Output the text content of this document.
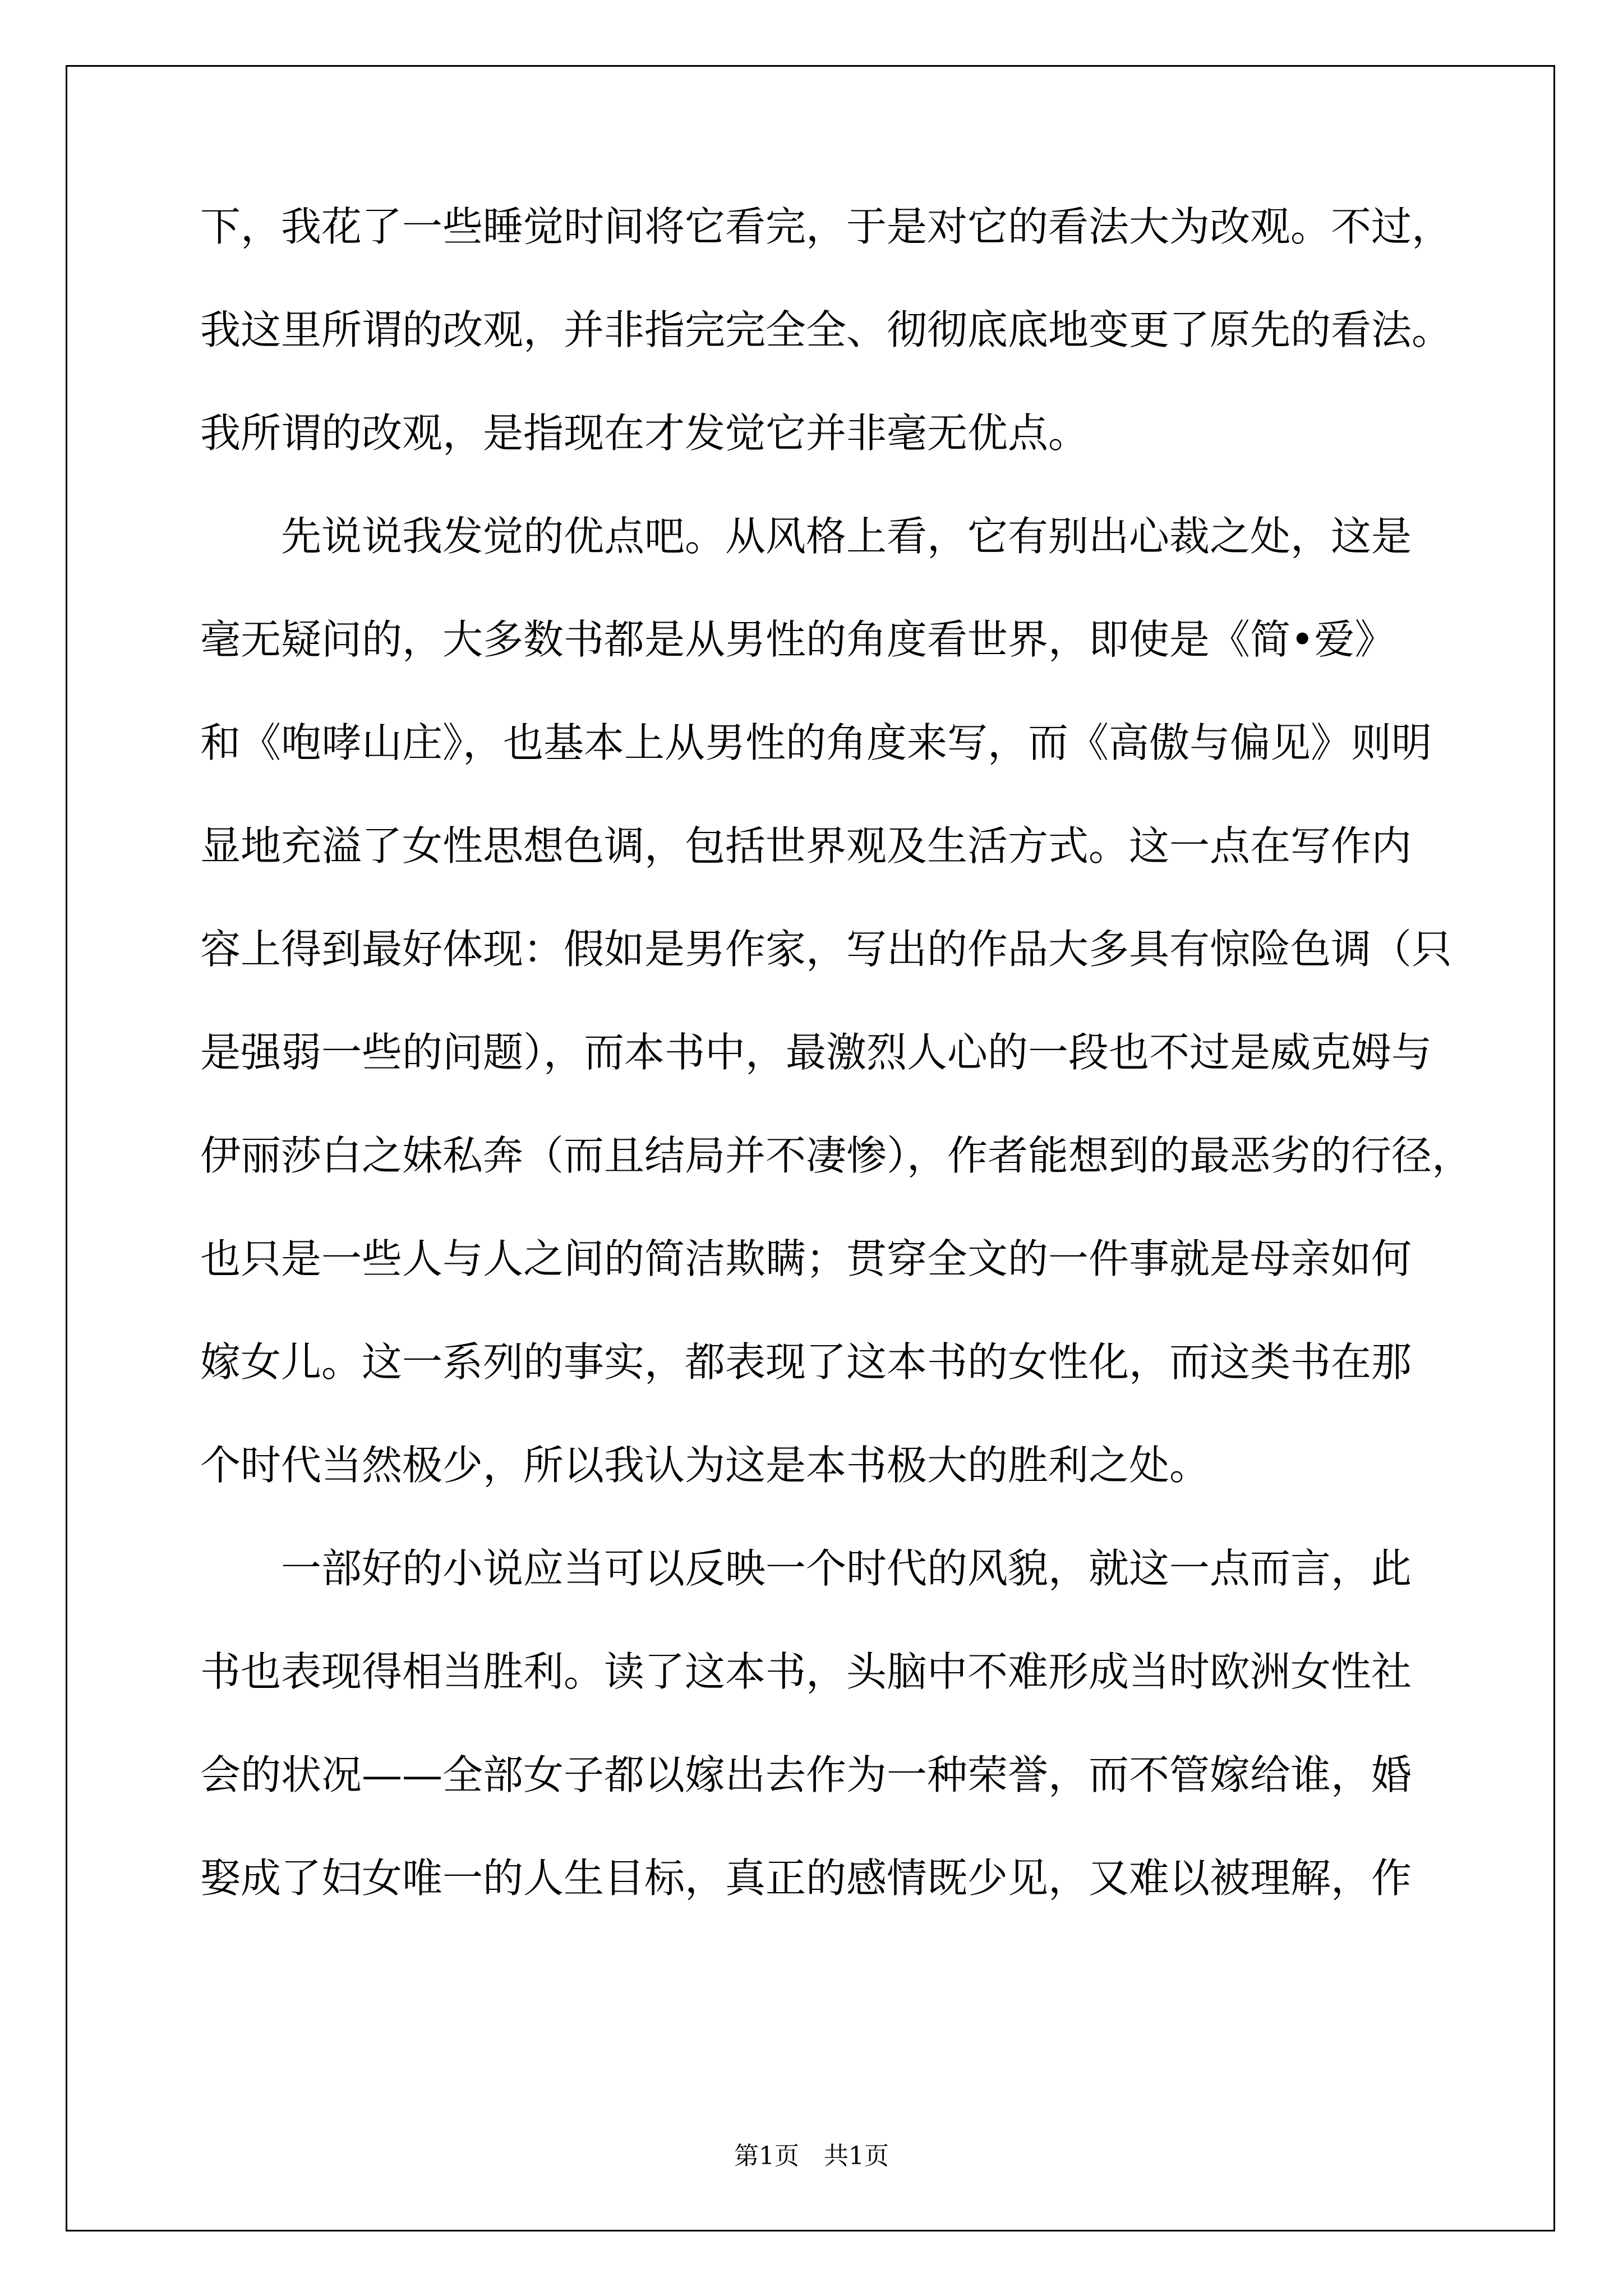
下，我花了一些睡觉时间将它看完，于是对它的看法大为改观。不过，
我这里所谓的改观，并非指完完全全、彻彻底底地变更了原先的看法。
我所谓的改观，是指现在才发觉它并非毫无优点。
　　先说说我发觉的优点吧。从风格上看，它有别出心裁之处，这是
毫无疑问的，大多数书都是从男性的角度看世界，即使是《简•爱》
和《咆哮山庄》，也基本上从男性的角度来写，而《高傲与偏见》则明
显地充溢了女性思想色调，包括世界观及生活方式。这一点在写作内
容上得到最好体现：假如是男作家，写出的作品大多具有惊险色调（只
是强弱一些的问题），而本书中，最激烈人心的一段也不过是威克姆与
伊丽莎白之妹私奔（而且结局并不凄惨），作者能想到的最恶劣的行径，
也只是一些人与人之间的简洁欺瞒；贯穿全文的一件事就是母亲如何
嫁女儿。这一系列的事实，都表现了这本书的女性化，而这类书在那
个时代当然极少，所以我认为这是本书极大的胜利之处。
　　一部好的小说应当可以反映一个时代的风貌，就这一点而言，此
书也表现得相当胜利。读了这本书，头脑中不难形成当时欧洲女性社
会的状况——全部女子都以嫁出去作为一种荣誉，而不管嫁给谁，婚
娶成了妇女唯一的人生目标，真正的感情既少见，又难以被理解，作
第1页　共1页
